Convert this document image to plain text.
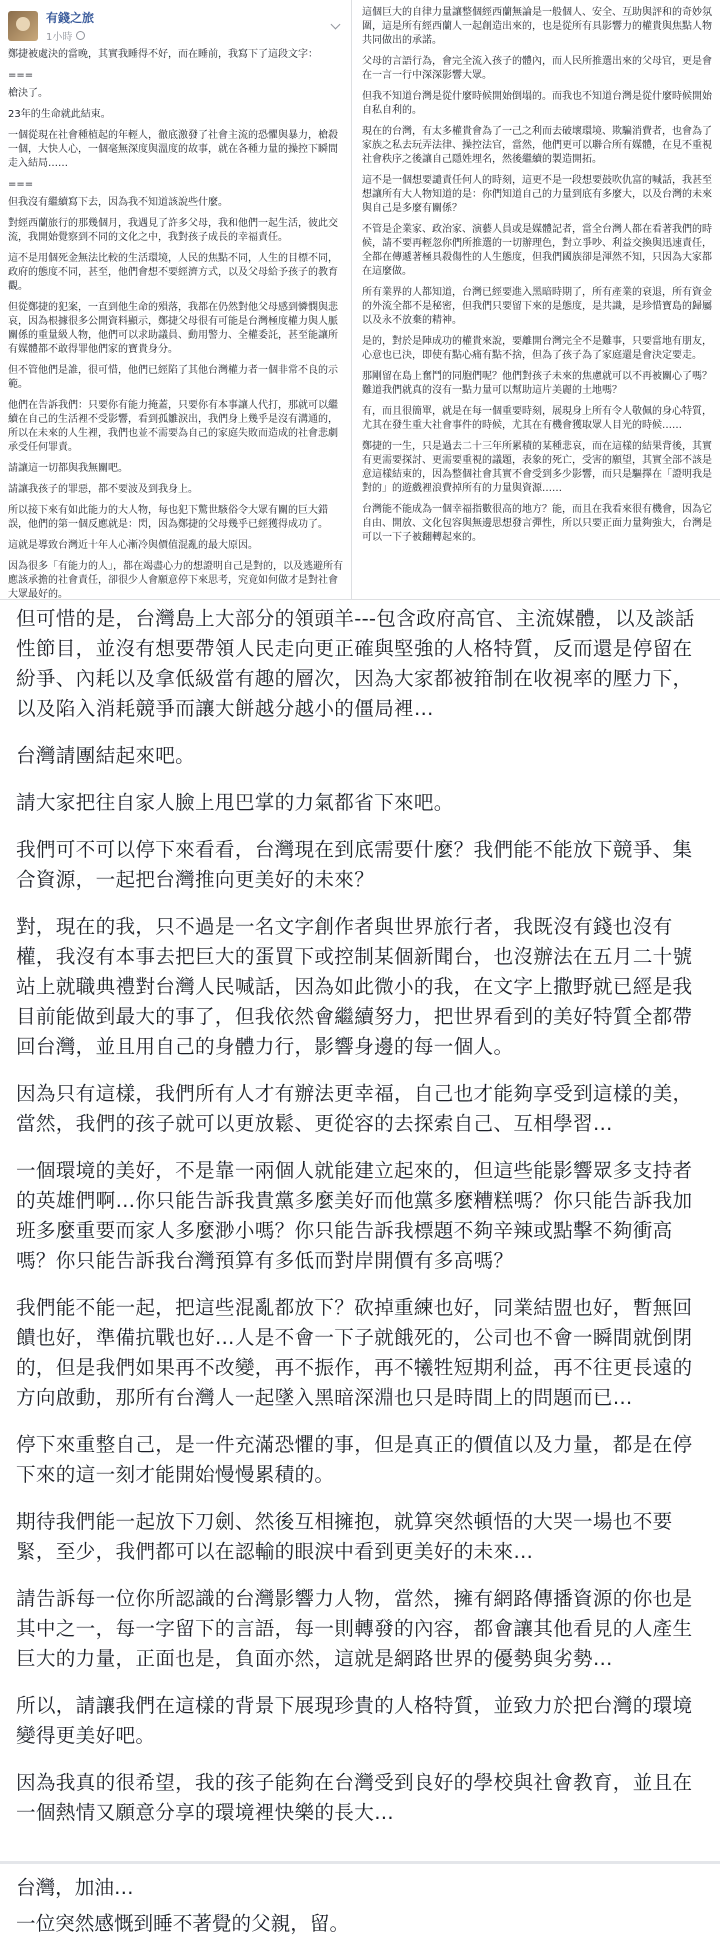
有錢之旅
1小時

鄭捷被處決的當晚，其實我睡得不好，而在睡前，我寫下了這段文字：

===

槍決了。

23年的生命就此結束。

一個從現在社會種植起的年輕人，徹底激發了社會主流的恐懼與暴力，槍殺一個，大快人心，一個毫無深度與溫度的故事，就在各種力量的操控下瞬間走入結局……

===

但我沒有繼續寫下去，因為我不知道該說些什麼。

對經西蘭旅行的那幾個月，我遇見了許多父母，我和他們一起生活，彼此交流，我開始覺察到不同的文化之中，我對孩子成長的幸福責任。

這不是用個死金無法比較的生活環境，人民的焦點不同，人生的目標不同，政府的態度不同，甚至，他們會想不要經濟方式，以及父母給予孩子的教育觀。

但從鄭捷的犯案，一直到他生命的殞落，我都在仍然對他父母感到憐憫與悲哀，因為根據很多公開資料顯示，鄭捷父母很有可能是台灣極度權力與人脈關係的重量級人物，他們可以求助議員、動用警力、全權委託，甚至能讓所有媒體都不敢得罪他們家的寶貴身分。

但不管他們是誰，很可惜，他們已經陷了其他台灣權力者一個非常不良的示範。

他們在告訴我們：只要你有能力掩蓋，只要你有本事讓人代打，那就可以繼續在自己的生活裡不受影響，看到孤雛淚出，我們身上幾乎是沒有溝通的，所以在未來的人生裡，我們也並不需要為自己的家庭失敗而造成的社會悲劇承受任何罪責。

請讓這一切都與我無關吧。

請讓我孩子的罪惡，都不要波及到我身上。

所以接下來有如此能力的大人物，每也犯下驚世駭俗令大眾有關的巨大錯誤，他們的第一個反應就是：閃，因為鄭捷的父母幾乎已經獲得成功了。

這就是導致台灣近十年人心漸冷與價值混亂的最大原因。

因為很多「有能力的人」，都在竭盡心力的想證明自己是對的，以及逃避所有應該承擔的社會責任，卻很少人會願意停下來思考，究竟如何做才是對社會大眾最好的。

這個巨大的自律力量讓整個經西蘭無論是一般個人、安全、互助與評和的奇妙氛圍，這是所有經西蘭人一起創造出來的，也是從所有具影響力的權貴與焦點人物共同做出的承諾。

父母的言語行為，會完全流入孩子的體內，而人民所推選出來的父母官，更是會在一言一行中深深影響大眾。

但我不知道台灣是從什麼時候開始倒塌的。而我也不知道台灣是從什麼時候開始自私自利的。

現在的台灣，有太多權貴會為了一己之利而去破壞環境、欺騙消費者，也會為了家族之私去玩弄法律、操控法官，當然，他們更可以聯合所有媒體，在見不重視社會秩序之後讓自己隱姓埋名，然後繼續的製造開拓。

這不是一個想要譴責任何人的時刻，這更不是一段想要鼓吹仇富的喊話，我甚至想讓所有大人物知道的是：你們知道自己的力量到底有多麼大，以及台灣的未來與自己是多麼有關係？

不管是企業家、政治家、演藝人員或是媒體記者，當全台灣人都在看著我們的時候，請不要再輕忽你們所推選的一切辦理色，對立爭吵、利益交換與迅速責任，全都在傳遞著極具殺傷性的人生態度，但我們國族卻是渾然不知，只因為大家都在這麼做。

所有業界的人都知道，台灣已經要進入黑暗時期了，所有產業的衰退，所有資金的外流全都不是秘密，但我們只要留下來的是態度，是共識，是珍惜寶島的歸屬以及永不放棄的精神。

是的，對於是陣成功的權貴來說，要離開台灣完全不是難事，只要當地有朋友，心意也已決，即使有點心痛有點不捨，但為了孩子為了家庭還是會決定要走。

那剛留在島上奮鬥的同胞們呢？他們對孩子未來的焦慮就可以不再被關心了嗎？難道我們就真的沒有一點力量可以幫助這片美麗的土地嗎？

有，而且很簡單，就是在每一個重要時刻，展現身上所有令人敬佩的身心特質，尤其在發生重大社會事件的時候，尤其在有機會獲取眾人目光的時候……

鄭捷的一生，只是過去二十三年所累積的某種悲哀，而在這樣的結果背後，其實有更需要探討、更需要重視的議題，表象的死亡，受害的願望，其實全部不該是意這樣結束的，因為整個社會其實不會受到多少影響，而只是驅擇在「證明我是對的」的遊戲裡浪費掉所有的力量與資源……

台灣能不能成為一個幸福指數很高的地方？能，而且在我看來很有機會，因為它自由、開放、文化包容與無邊思想發言彈性，所以只要正面力量夠強大，台灣是可以一下子被翻轉起來的。

但可惜的是，台灣島上大部分的領頭羊---包含政府高官、主流媒體，以及談話性節目，並沒有想要帶領人民走向更正確與堅強的人格特質，反而還是停留在紛爭、內耗以及拿低級當有趣的層次，因為大家都被箝制在收視率的壓力下，以及陷入消耗競爭而讓大餅越分越小的僵局裡…

台灣請團結起來吧。

請大家把往自家人臉上甩巴掌的力氣都省下來吧。

我們可不可以停下來看看，台灣現在到底需要什麼？我們能不能放下競爭、集合資源，一起把台灣推向更美好的未來？

對，現在的我，只不過是一名文字創作者與世界旅行者，我既沒有錢也沒有權，我沒有本事去把巨大的蛋買下或控制某個新聞台，也沒辦法在五月二十號站上就職典禮對台灣人民喊話，因為如此微小的我，在文字上撒野就已經是我目前能做到最大的事了，但我依然會繼續努力，把世界看到的美好特質全都帶回台灣，並且用自己的身體力行，影響身邊的每一個人。

因為只有這樣，我們所有人才有辦法更幸福，自己也才能夠享受到這樣的美，當然，我們的孩子就可以更放鬆、更從容的去探索自己、互相學習…

一個環境的美好，不是靠一兩個人就能建立起來的，但這些能影響眾多支持者的英雄們啊…你只能告訴我貴黨多麼美好而他黨多麼糟糕嗎？你只能告訴我加班多麼重要而家人多麼渺小嗎？你只能告訴我標題不夠辛辣或點擊不夠衝高嗎？你只能告訴我台灣預算有多低而對岸開價有多高嗎？

我們能不能一起，把這些混亂都放下？砍掉重練也好，同業結盟也好，暫無回饋也好，準備抗戰也好…人是不會一下子就餓死的，公司也不會一瞬間就倒閉的，但是我們如果再不改變，再不振作，再不犧牲短期利益，再不往更長遠的方向啟動，那所有台灣人一起墜入黑暗深淵也只是時間上的問題而已…

停下來重整自己，是一件充滿恐懼的事，但是真正的價值以及力量，都是在停下來的這一刻才能開始慢慢累積的。

期待我們能一起放下刀劍、然後互相擁抱，就算突然頓悟的大哭一場也不要緊，至少，我們都可以在認輸的眼淚中看到更美好的未來…

請告訴每一位你所認識的台灣影響力人物，當然，擁有網路傳播資源的你也是其中之一，每一字留下的言語，每一則轉發的內容，都會讓其他看見的人產生巨大的力量，正面也是，負面亦然，這就是網路世界的優勢與劣勢…

所以，請讓我們在這樣的背景下展現珍貴的人格特質，並致力於把台灣的環境變得更美好吧。

因為我真的很希望，我的孩子能夠在台灣受到良好的學校與社會教育，並且在一個熱情又願意分享的環境裡快樂的長大…

台灣，加油…

一位突然感慨到睡不著覺的父親，留。
